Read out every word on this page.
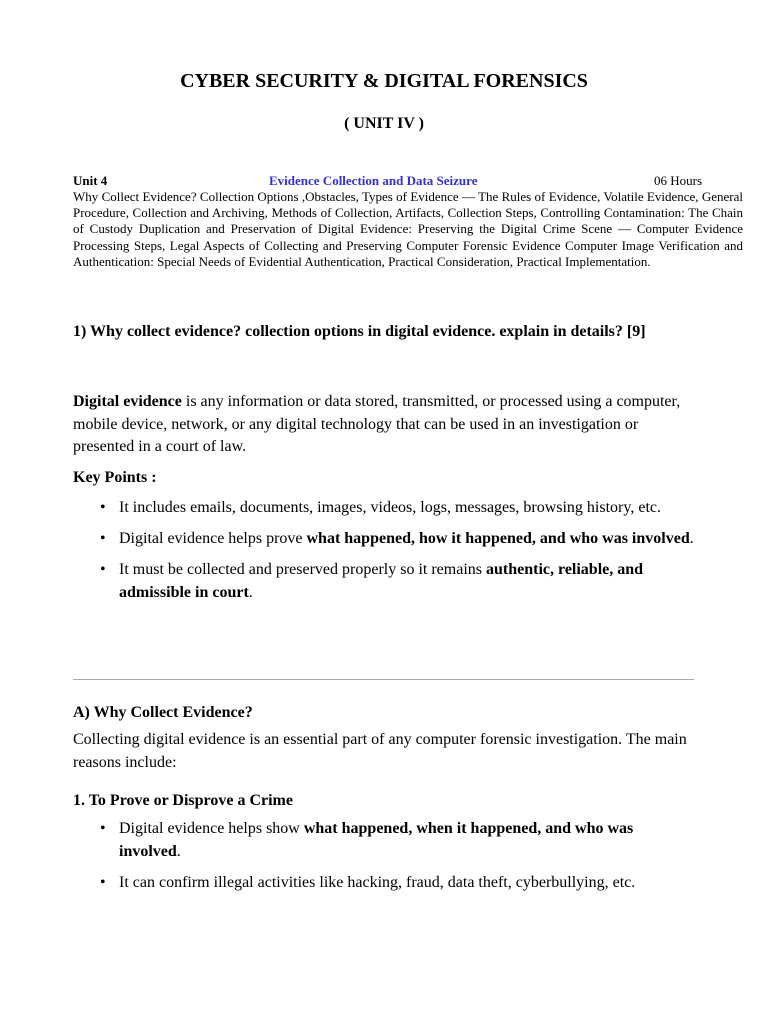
CYBER SECURITY & DIGITAL FORENSICS
( UNIT IV )
Unit 4	Evidence Collection and Data Seizure	06 Hours
Why Collect Evidence? Collection Options ,Obstacles, Types of Evidence — The Rules of Evidence, Volatile Evidence, General Procedure, Collection and Archiving, Methods of Collection, Artifacts, Collection Steps, Controlling Contamination: The Chain of Custody Duplication and Preservation of Digital Evidence: Preserving the Digital Crime Scene — Computer Evidence Processing Steps, Legal Aspects of Collecting and Preserving Computer Forensic Evidence Computer Image Verification and Authentication: Special Needs of Evidential Authentication, Practical Consideration, Practical Implementation.
1) Why collect evidence? collection options in digital evidence. explain in details? [9]
Digital evidence is any information or data stored, transmitted, or processed using a computer, mobile device, network, or any digital technology that can be used in an investigation or presented in a court of law.
Key Points :
• It includes emails, documents, images, videos, logs, messages, browsing history, etc.
• Digital evidence helps prove what happened, how it happened, and who was involved.
• It must be collected and preserved properly so it remains authentic, reliable, and admissible in court.
A) Why Collect Evidence?
Collecting digital evidence is an essential part of any computer forensic investigation. The main reasons include:
1. To Prove or Disprove a Crime
• Digital evidence helps show what happened, when it happened, and who was involved.
• It can confirm illegal activities like hacking, fraud, data theft, cyberbullying, etc.
